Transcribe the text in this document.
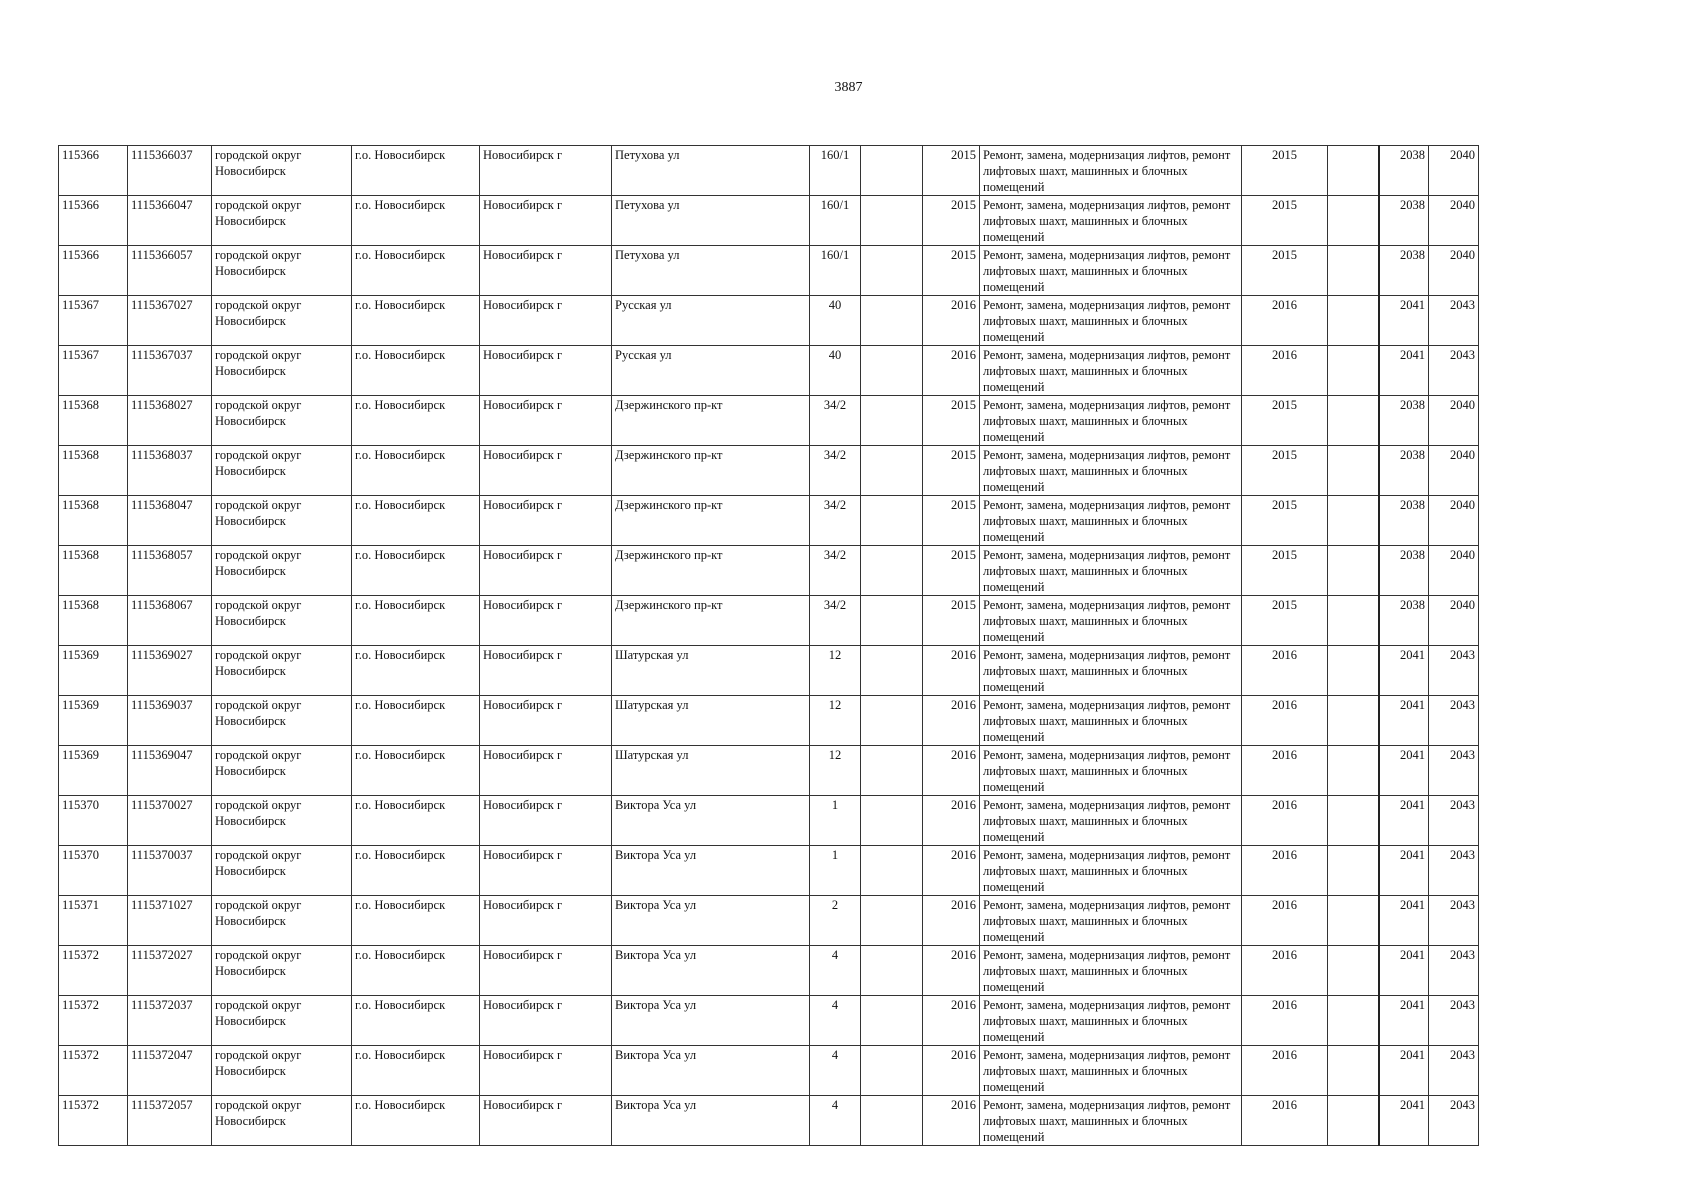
3887
115366	1115366037	городской округ Новосибирск	г.о. Новосибирск	Новосибирск г	Петухова ул	160/1		2015	Ремонт, замена, модернизация лифтов, ремонт лифтовых шахт, машинных и блочных помещений	2015		2038	2040
115366	1115366047	городской округ Новосибирск	г.о. Новосибирск	Новосибирск г	Петухова ул	160/1		2015	Ремонт, замена, модернизация лифтов, ремонт лифтовых шахт, машинных и блочных помещений	2015		2038	2040
115366	1115366057	городской округ Новосибирск	г.о. Новосибирск	Новосибирск г	Петухова ул	160/1		2015	Ремонт, замена, модернизация лифтов, ремонт лифтовых шахт, машинных и блочных помещений	2015		2038	2040
115367	1115367027	городской округ Новосибирск	г.о. Новосибирск	Новосибирск г	Русская ул	40		2016	Ремонт, замена, модернизация лифтов, ремонт лифтовых шахт, машинных и блочных помещений	2016		2041	2043
115367	1115367037	городской округ Новосибирск	г.о. Новосибирск	Новосибирск г	Русская ул	40		2016	Ремонт, замена, модернизация лифтов, ремонт лифтовых шахт, машинных и блочных помещений	2016		2041	2043
115368	1115368027	городской округ Новосибирск	г.о. Новосибирск	Новосибирск г	Дзержинского пр-кт	34/2		2015	Ремонт, замена, модернизация лифтов, ремонт лифтовых шахт, машинных и блочных помещений	2015		2038	2040
115368	1115368037	городской округ Новосибирск	г.о. Новосибирск	Новосибирск г	Дзержинского пр-кт	34/2		2015	Ремонт, замена, модернизация лифтов, ремонт лифтовых шахт, машинных и блочных помещений	2015		2038	2040
115368	1115368047	городской округ Новосибирск	г.о. Новосибирск	Новосибирск г	Дзержинского пр-кт	34/2		2015	Ремонт, замена, модернизация лифтов, ремонт лифтовых шахт, машинных и блочных помещений	2015		2038	2040
115368	1115368057	городской округ Новосибирск	г.о. Новосибирск	Новосибирск г	Дзержинского пр-кт	34/2		2015	Ремонт, замена, модернизация лифтов, ремонт лифтовых шахт, машинных и блочных помещений	2015		2038	2040
115368	1115368067	городской округ Новосибирск	г.о. Новосибирск	Новосибирск г	Дзержинского пр-кт	34/2		2015	Ремонт, замена, модернизация лифтов, ремонт лифтовых шахт, машинных и блочных помещений	2015		2038	2040
115369	1115369027	городской округ Новосибирск	г.о. Новосибирск	Новосибирск г	Шатурская ул	12		2016	Ремонт, замена, модернизация лифтов, ремонт лифтовых шахт, машинных и блочных помещений	2016		2041	2043
115369	1115369037	городской округ Новосибирск	г.о. Новосибирск	Новосибирск г	Шатурская ул	12		2016	Ремонт, замена, модернизация лифтов, ремонт лифтовых шахт, машинных и блочных помещений	2016		2041	2043
115369	1115369047	городской округ Новосибирск	г.о. Новосибирск	Новосибирск г	Шатурская ул	12		2016	Ремонт, замена, модернизация лифтов, ремонт лифтовых шахт, машинных и блочных помещений	2016		2041	2043
115370	1115370027	городской округ Новосибирск	г.о. Новосибирск	Новосибирск г	Виктора Уса ул	1		2016	Ремонт, замена, модернизация лифтов, ремонт лифтовых шахт, машинных и блочных помещений	2016		2041	2043
115370	1115370037	городской округ Новосибирск	г.о. Новосибирск	Новосибирск г	Виктора Уса ул	1		2016	Ремонт, замена, модернизация лифтов, ремонт лифтовых шахт, машинных и блочных помещений	2016		2041	2043
115371	1115371027	городской округ Новосибирск	г.о. Новосибирск	Новосибирск г	Виктора Уса ул	2		2016	Ремонт, замена, модернизация лифтов, ремонт лифтовых шахт, машинных и блочных помещений	2016		2041	2043
115372	1115372027	городской округ Новосибирск	г.о. Новосибирск	Новосибирск г	Виктора Уса ул	4		2016	Ремонт, замена, модернизация лифтов, ремонт лифтовых шахт, машинных и блочных помещений	2016		2041	2043
115372	1115372037	городской округ Новосибирск	г.о. Новосибирск	Новосибирск г	Виктора Уса ул	4		2016	Ремонт, замена, модернизация лифтов, ремонт лифтовых шахт, машинных и блочных помещений	2016		2041	2043
115372	1115372047	городской округ Новосибирск	г.о. Новосибирск	Новосибирск г	Виктора Уса ул	4		2016	Ремонт, замена, модернизация лифтов, ремонт лифтовых шахт, машинных и блочных помещений	2016		2041	2043
115372	1115372057	городской округ Новосибирск	г.о. Новосибирск	Новосибирск г	Виктора Уса ул	4		2016	Ремонт, замена, модернизация лифтов, ремонт лифтовых шахт, машинных и блочных помещений	2016		2041	2043
